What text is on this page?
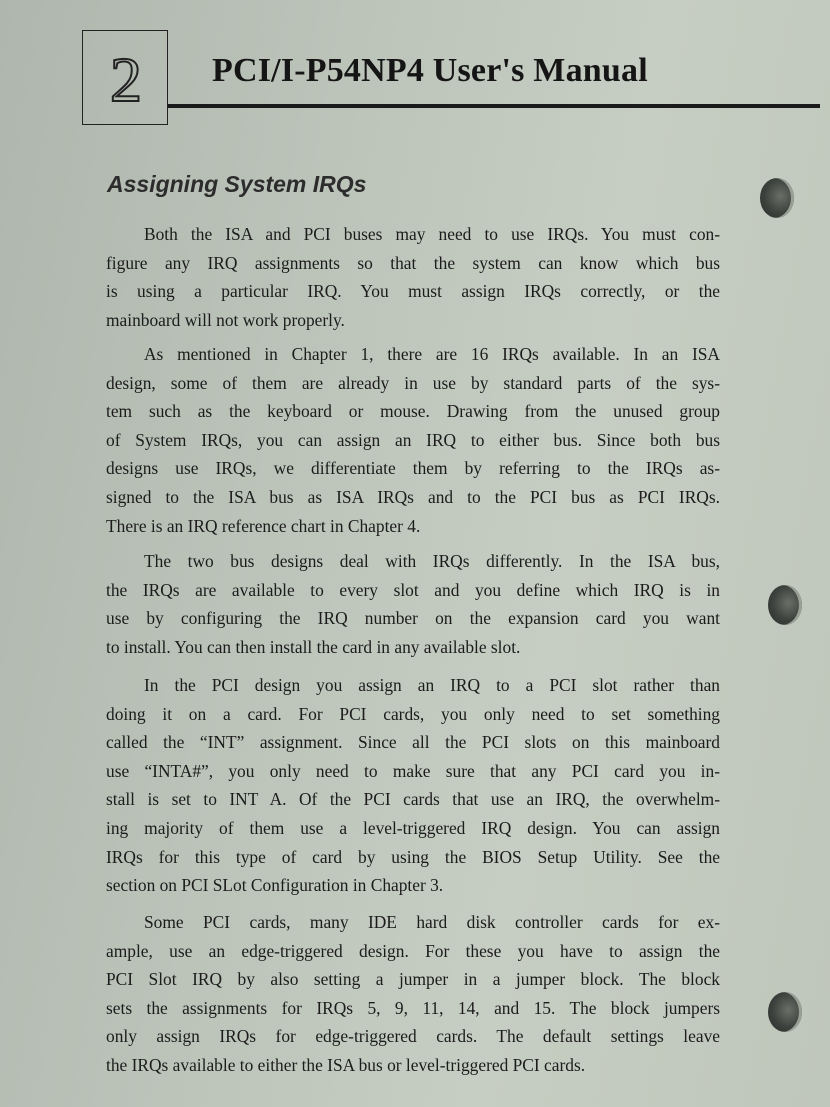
2	PCI/I-P54NP4 User's Manual
Assigning System IRQs
Both the ISA and PCI buses may need to use IRQs. You must con-
figure any IRQ assignments so that the system can know which bus
is using a particular IRQ. You must assign IRQs correctly, or the
mainboard will not work properly.
As mentioned in Chapter 1, there are 16 IRQs available. In an ISA
design, some of them are already in use by standard parts of the sys-
tem such as the keyboard or mouse. Drawing from the unused group
of System IRQs, you can assign an IRQ to either bus. Since both bus
designs use IRQs, we differentiate them by referring to the IRQs as-
signed to the ISA bus as ISA IRQs and to the PCI bus as PCI IRQs.
There is an IRQ reference chart in Chapter 4.
The two bus designs deal with IRQs differently. In the ISA bus,
the IRQs are available to every slot and you define which IRQ is in
use by configuring the IRQ number on the expansion card you want
to install. You can then install the card in any available slot.
In the PCI design you assign an IRQ to a PCI slot rather than
doing it on a card. For PCI cards, you only need to set something
called the “INT” assignment. Since all the PCI slots on this mainboard
use “INTA#”, you only need to make sure that any PCI card you in-
stall is set to INT A. Of the PCI cards that use an IRQ, the overwhelm-
ing majority of them use a level-triggered IRQ design. You can assign
IRQs for this type of card by using the BIOS Setup Utility. See the
section on PCI SLot Configuration in Chapter 3.
Some PCI cards, many IDE hard disk controller cards for ex-
ample, use an edge-triggered design. For these you have to assign the
PCI Slot IRQ by also setting a jumper in a jumper block. The block
sets the assignments for IRQs 5, 9, 11, 14, and 15. The block jumpers
only assign IRQs for edge-triggered cards. The default settings leave
the IRQs available to either the ISA bus or level-triggered PCI cards.
